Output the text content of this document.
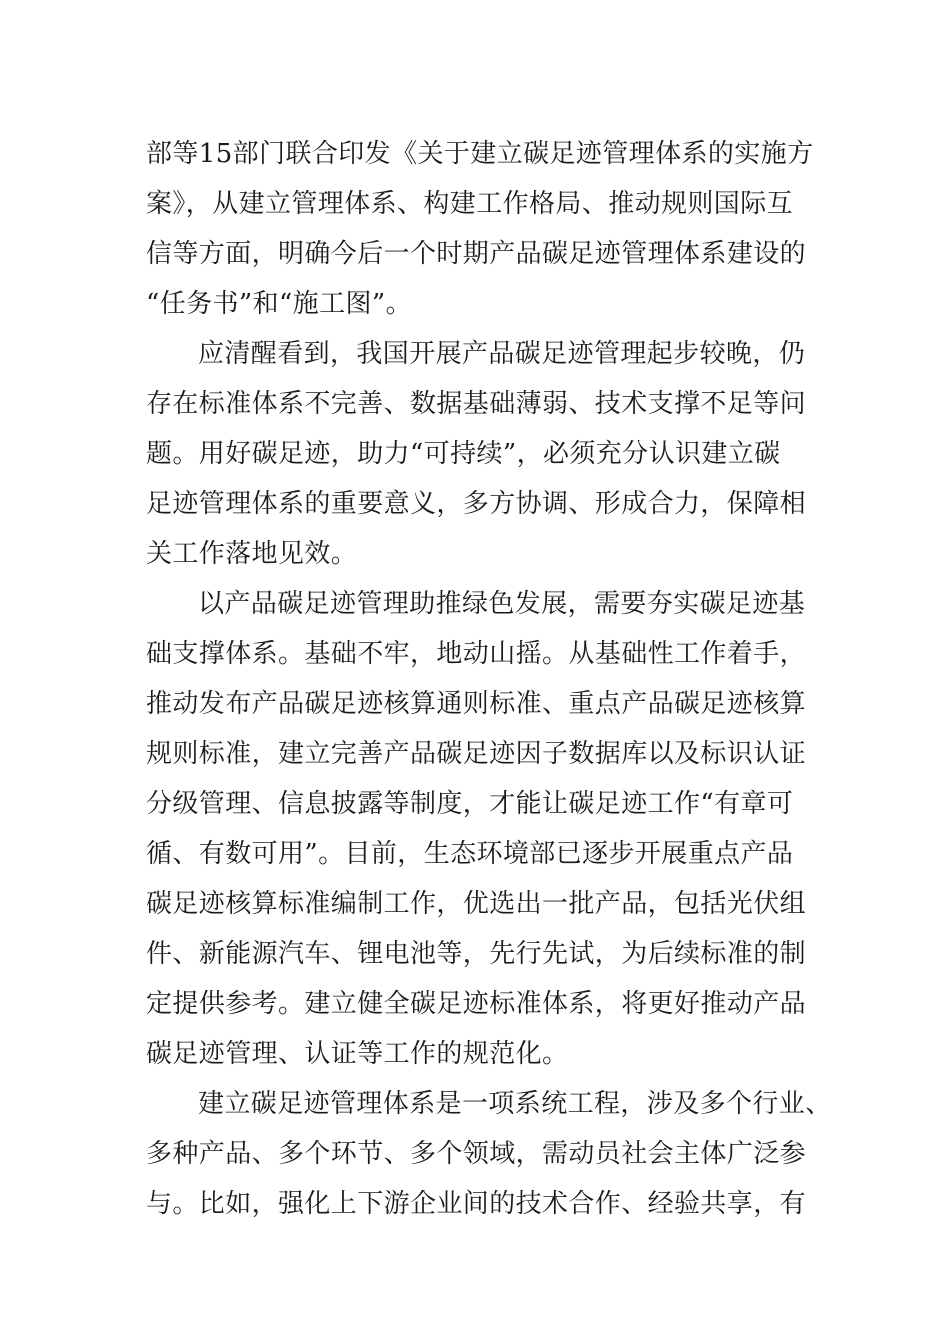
部等15部门联合印发《关于建立碳足迹管理体系的实施方
案》，从建立管理体系、构建工作格局、推动规则国际互
信等方面，明确今后一个时期产品碳足迹管理体系建设的
“任务书”和“施工图”。
应清醒看到，我国开展产品碳足迹管理起步较晚，仍
存在标准体系不完善、数据基础薄弱、技术支撑不足等问
题。用好碳足迹，助力“可持续”，必须充分认识建立碳
足迹管理体系的重要意义，多方协调、形成合力，保障相
关工作落地见效。
以产品碳足迹管理助推绿色发展，需要夯实碳足迹基
础支撑体系。基础不牢，地动山摇。从基础性工作着手，
推动发布产品碳足迹核算通则标准、重点产品碳足迹核算
规则标准，建立完善产品碳足迹因子数据库以及标识认证
分级管理、信息披露等制度，才能让碳足迹工作“有章可
循、有数可用”。目前，生态环境部已逐步开展重点产品
碳足迹核算标准编制工作，优选出一批产品，包括光伏组
件、新能源汽车、锂电池等，先行先试，为后续标准的制
定提供参考。建立健全碳足迹标准体系，将更好推动产品
碳足迹管理、认证等工作的规范化。
建立碳足迹管理体系是一项系统工程，涉及多个行业、
多种产品、多个环节、多个领域，需动员社会主体广泛参
与。比如，强化上下游企业间的技术合作、经验共享，有
